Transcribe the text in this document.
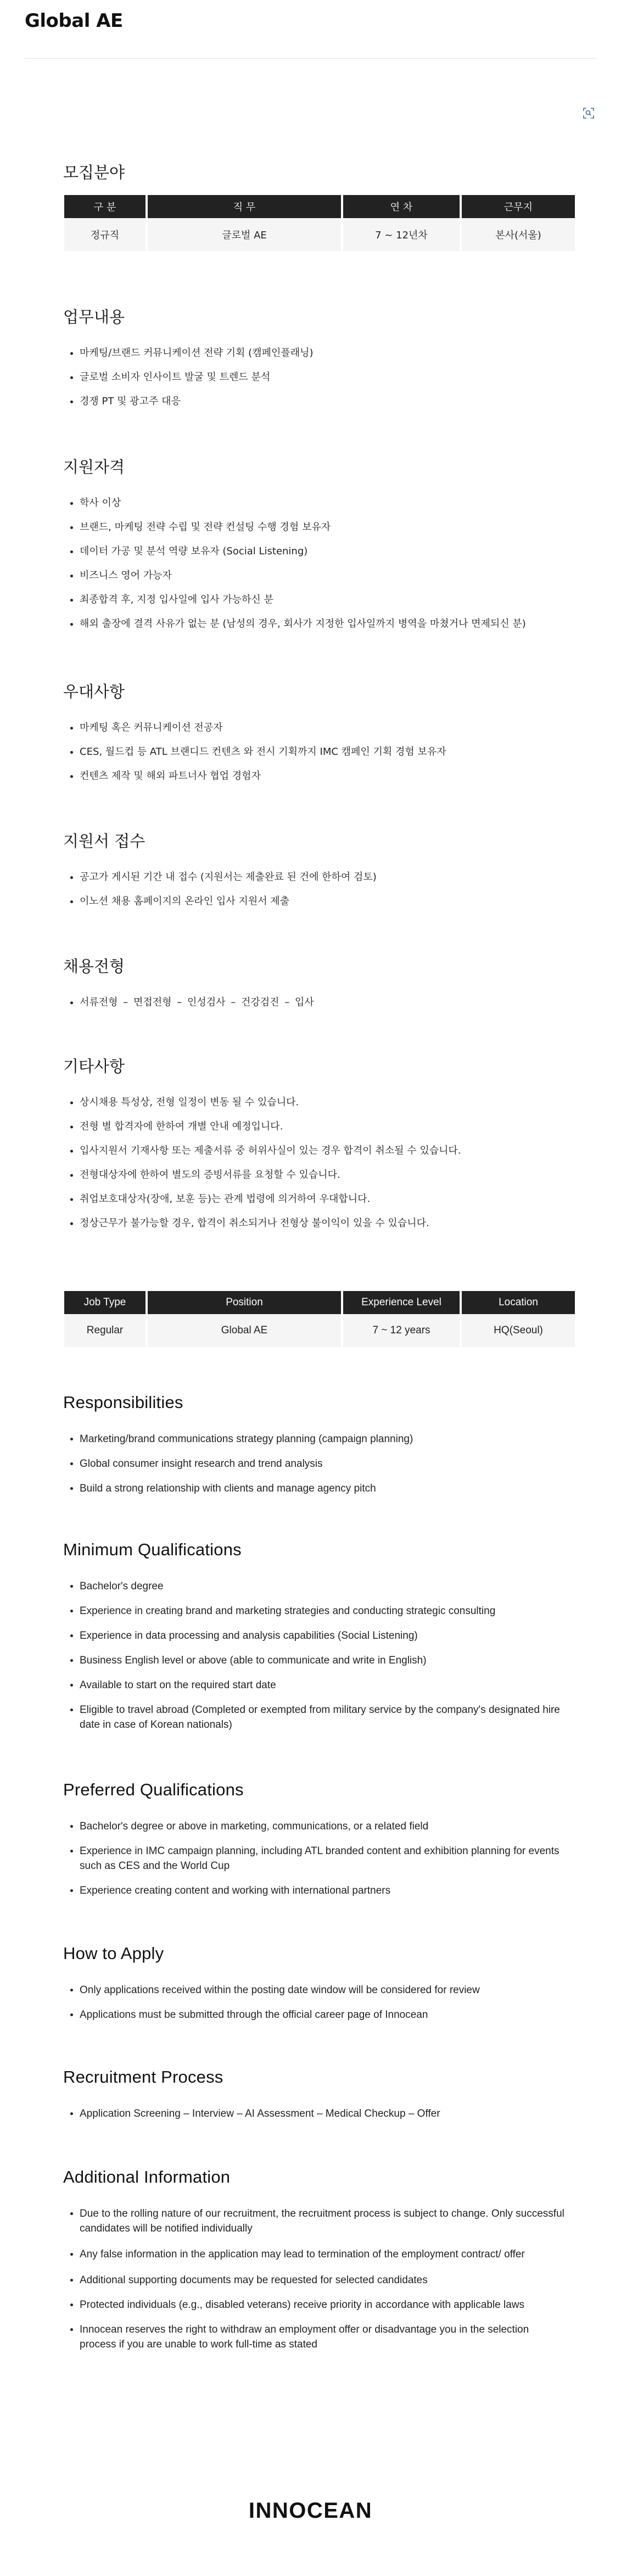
Global AE
모집분야
구 분	직 무	연 차	근무지
정규직	글로벌 AE	7 ~ 12년차	본사(서울)
업무내용
마케팅/브랜드 커뮤니케이션 전략 기획 (캠페인플래닝)
글로벌 소비자 인사이트 발굴 및 트렌드 분석
경쟁 PT 및 광고주 대응
지원자격
학사 이상
브랜드, 마케팅 전략 수립 및 전략 컨설팅 수행 경험 보유자
데이터 가공 및 분석 역량 보유자 (Social Listening)
비즈니스 영어 가능자
최종합격 후, 지정 입사일에 입사 가능하신 분
해외 출장에 결격 사유가 없는 분 (남성의 경우, 회사가 지정한 입사일까지 병역을 마쳤거나 면제되신 분)
우대사항
마케팅 혹은 커뮤니케이션 전공자
CES, 월드컵 등 ATL 브랜디드 컨텐츠 와 전시 기획까지 IMC 캠페인 기획 경험 보유자
컨텐츠 제작 및 해외 파트너사 협업 경험자
지원서 접수
공고가 게시된 기간 내 접수 (지원서는 제출완료 된 건에 한하여 검토)
이노션 채용 홈페이지의 온라인 입사 지원서 제출
채용전형
서류전형 – 면접전형 – 인성검사 – 건강검진 – 입사
기타사항
상시채용 특성상, 전형 일정이 변동 될 수 있습니다.
전형 별 합격자에 한하여 개별 안내 예정입니다.
입사지원서 기재사항 또는 제출서류 중 허위사실이 있는 경우 합격이 취소될 수 있습니다.
전형대상자에 한하여 별도의 증빙서류를 요청할 수 있습니다.
취업보호대상자(장애, 보훈 등)는 관계 법령에 의거하여 우대합니다.
정상근무가 불가능할 경우, 합격이 취소되거나 전형상 불이익이 있을 수 있습니다.
Job Type	Position	Experience Level	Location
Regular	Global AE	7 ~ 12 years	HQ(Seoul)
Responsibilities
Marketing/brand communications strategy planning (campaign planning)
Global consumer insight research and trend analysis
Build a strong relationship with clients and manage agency pitch
Minimum Qualifications
Bachelor's degree
Experience in creating brand and marketing strategies and conducting strategic consulting
Experience in data processing and analysis capabilities (Social Listening)
Business English level or above (able to communicate and write in English)
Available to start on the required start date
Eligible to travel abroad (Completed or exempted from military service by the company's designated hire date in case of Korean nationals)
Preferred Qualifications
Bachelor's degree or above in marketing, communications, or a related field
Experience in IMC campaign planning, including ATL branded content and exhibition planning for events such as CES and the World Cup
Experience creating content and working with international partners
How to Apply
Only applications received within the posting date window will be considered for review
Applications must be submitted through the official career page of Innocean
Recruitment Process
Application Screening – Interview – AI Assessment – Medical Checkup – Offer
Additional Information
Due to the rolling nature of our recruitment, the recruitment process is subject to change. Only successful candidates will be notified individually
Any false information in the application may lead to termination of the employment contract/ offer
Additional supporting documents may be requested for selected candidates
Protected individuals (e.g., disabled veterans) receive priority in accordance with applicable laws
Innocean reserves the right to withdraw an employment offer or disadvantage you in the selection process if you are unable to work full-time as stated
INNOCEAN
